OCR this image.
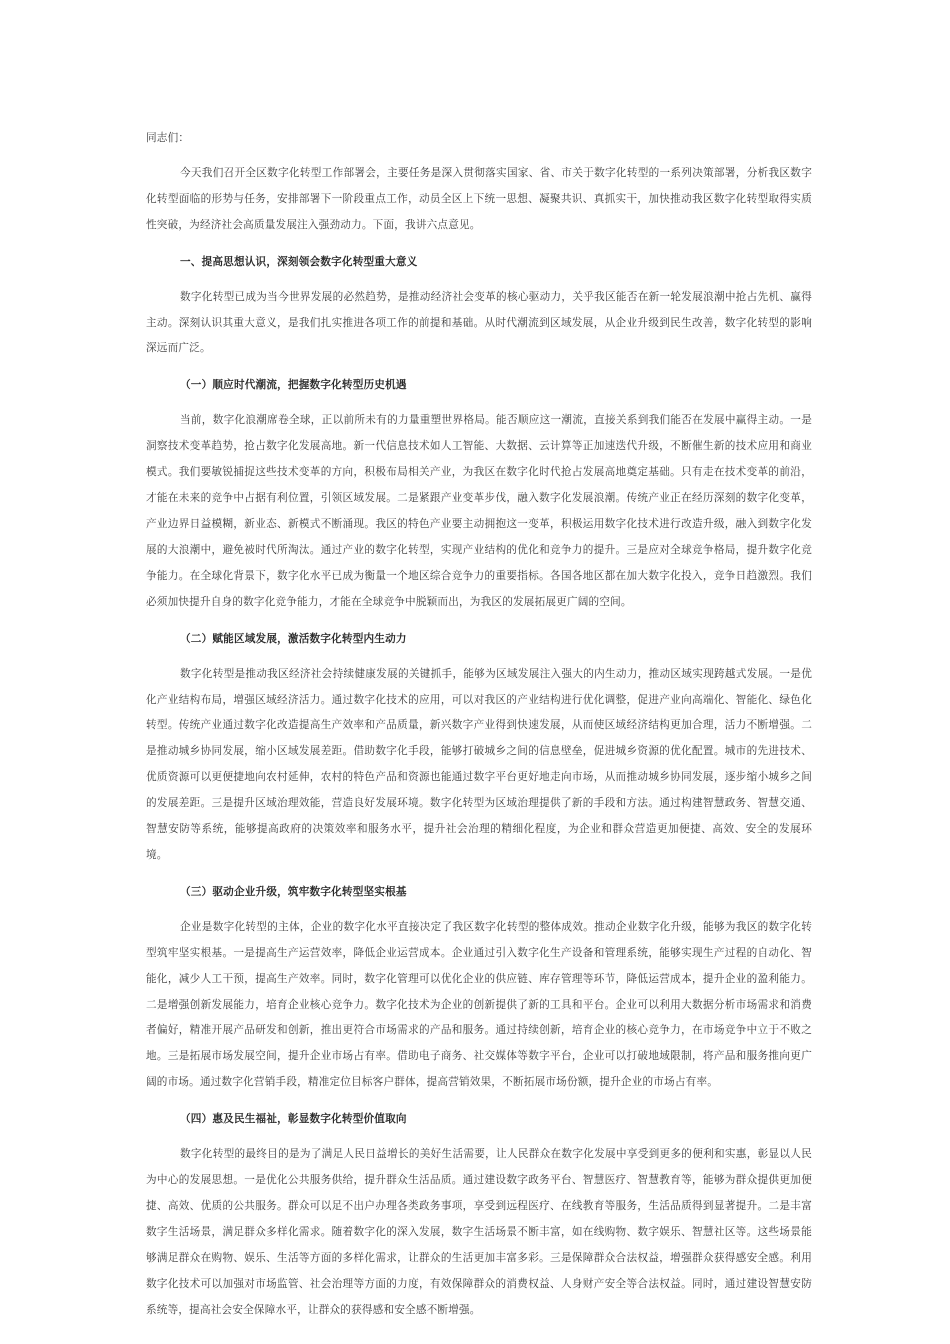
同志们：

今天我们召开全区数字化转型工作部署会，主要任务是深入贯彻落实国家、省、市关于数字化转型的一系列决策部署，分析我区数字化转型面临的形势与任务，安排部署下一阶段重点工作，动员全区上下统一思想、凝聚共识、真抓实干，加快推动我区数字化转型取得实质性突破，为经济社会高质量发展注入强劲动力。下面，我讲六点意见。

一、提高思想认识，深刻领会数字化转型重大意义

数字化转型已成为当今世界发展的必然趋势，是推动经济社会变革的核心驱动力，关乎我区能否在新一轮发展浪潮中抢占先机、赢得主动。深刻认识其重大意义，是我们扎实推进各项工作的前提和基础。从时代潮流到区域发展，从企业升级到民生改善，数字化转型的影响深远而广泛。

（一）顺应时代潮流，把握数字化转型历史机遇

当前，数字化浪潮席卷全球，正以前所未有的力量重塑世界格局。能否顺应这一潮流，直接关系到我们能否在发展中赢得主动。一是洞察技术变革趋势，抢占数字化发展高地。新一代信息技术如人工智能、大数据、云计算等正加速迭代升级，不断催生新的技术应用和商业模式。我们要敏锐捕捉这些技术变革的方向，积极布局相关产业，为我区在数字化时代抢占发展高地奠定基础。只有走在技术变革的前沿，才能在未来的竞争中占据有利位置，引领区域发展。二是紧跟产业变革步伐，融入数字化发展浪潮。传统产业正在经历深刻的数字化变革，产业边界日益模糊，新业态、新模式不断涌现。我区的特色产业要主动拥抱这一变革，积极运用数字化技术进行改造升级，融入到数字化发展的大浪潮中，避免被时代所淘汰。通过产业的数字化转型，实现产业结构的优化和竞争力的提升。三是应对全球竞争格局，提升数字化竞争能力。在全球化背景下，数字化水平已成为衡量一个地区综合竞争力的重要指标。各国各地区都在加大数字化投入，竞争日趋激烈。我们必须加快提升自身的数字化竞争能力，才能在全球竞争中脱颖而出，为我区的发展拓展更广阔的空间。

（二）赋能区域发展，激活数字化转型内生动力

数字化转型是推动我区经济社会持续健康发展的关键抓手，能够为区域发展注入强大的内生动力，推动区域实现跨越式发展。一是优化产业结构布局，增强区域经济活力。通过数字化技术的应用，可以对我区的产业结构进行优化调整，促进产业向高端化、智能化、绿色化转型。传统产业通过数字化改造提高生产效率和产品质量，新兴数字产业得到快速发展，从而使区域经济结构更加合理，活力不断增强。二是推动城乡协同发展，缩小区域发展差距。借助数字化手段，能够打破城乡之间的信息壁垒，促进城乡资源的优化配置。城市的先进技术、优质资源可以更便捷地向农村延伸，农村的特色产品和资源也能通过数字平台更好地走向市场，从而推动城乡协同发展，逐步缩小城乡之间的发展差距。三是提升区域治理效能，营造良好发展环境。数字化转型为区域治理提供了新的手段和方法。通过构建智慧政务、智慧交通、智慧安防等系统，能够提高政府的决策效率和服务水平，提升社会治理的精细化程度，为企业和群众营造更加便捷、高效、安全的发展环境。

（三）驱动企业升级，筑牢数字化转型坚实根基

企业是数字化转型的主体，企业的数字化水平直接决定了我区数字化转型的整体成效。推动企业数字化升级，能够为我区的数字化转型筑牢坚实根基。一是提高生产运营效率，降低企业运营成本。企业通过引入数字化生产设备和管理系统，能够实现生产过程的自动化、智能化，减少人工干预，提高生产效率。同时，数字化管理可以优化企业的供应链、库存管理等环节，降低运营成本，提升企业的盈利能力。二是增强创新发展能力，培育企业核心竞争力。数字化技术为企业的创新提供了新的工具和平台。企业可以利用大数据分析市场需求和消费者偏好，精准开展产品研发和创新，推出更符合市场需求的产品和服务。通过持续创新，培育企业的核心竞争力，在市场竞争中立于不败之地。三是拓展市场发展空间，提升企业市场占有率。借助电子商务、社交媒体等数字平台，企业可以打破地域限制，将产品和服务推向更广阔的市场。通过数字化营销手段，精准定位目标客户群体，提高营销效果，不断拓展市场份额，提升企业的市场占有率。

（四）惠及民生福祉，彰显数字化转型价值取向

数字化转型的最终目的是为了满足人民日益增长的美好生活需要，让人民群众在数字化发展中享受到更多的便利和实惠，彰显以人民为中心的发展思想。一是优化公共服务供给，提升群众生活品质。通过建设数字政务平台、智慧医疗、智慧教育等，能够为群众提供更加便捷、高效、优质的公共服务。群众可以足不出户办理各类政务事项，享受到远程医疗、在线教育等服务，生活品质得到显著提升。二是丰富数字生活场景，满足群众多样化需求。随着数字化的深入发展，数字生活场景不断丰富，如在线购物、数字娱乐、智慧社区等。这些场景能够满足群众在购物、娱乐、生活等方面的多样化需求，让群众的生活更加丰富多彩。三是保障群众合法权益，增强群众获得感安全感。利用数字化技术可以加强对市场监管、社会治理等方面的力度，有效保障群众的消费权益、人身财产安全等合法权益。同时，通过建设智慧安防系统等，提高社会安全保障水平，让群众的获得感和安全感不断增强。
